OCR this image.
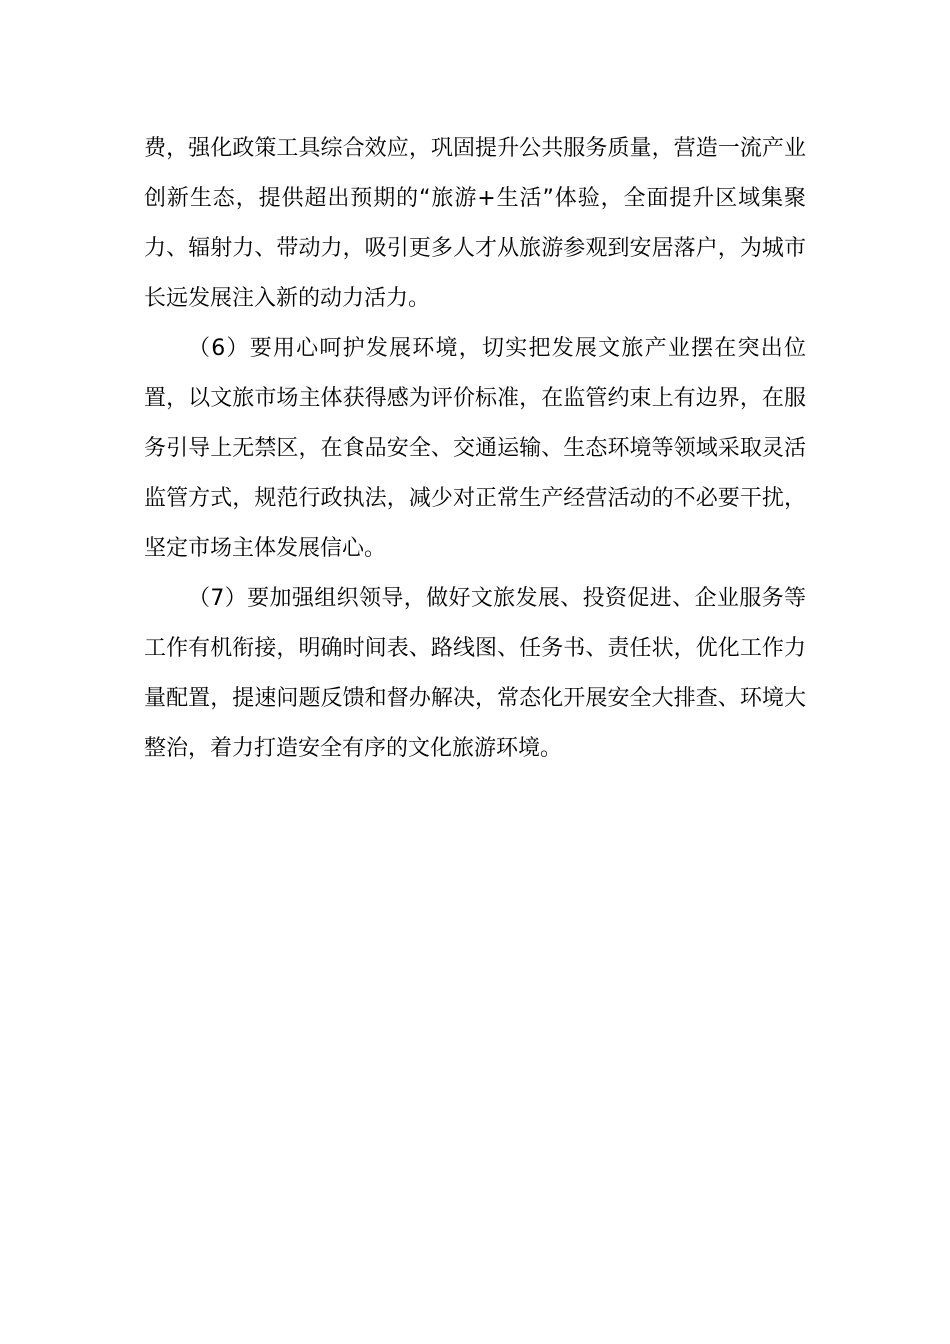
费，强化政策工具综合效应，巩固提升公共服务质量，营造一流产业创新生态，提供超出预期的“旅游+生活”体验，全面提升区域集聚力、辐射力、带动力，吸引更多人才从旅游参观到安居落户，为城市长远发展注入新的动力活力。

（6）要用心呵护发展环境，切实把发展文旅产业摆在突出位置，以文旅市场主体获得感为评价标准，在监管约束上有边界，在服务引导上无禁区，在食品安全、交通运输、生态环境等领域采取灵活监管方式，规范行政执法，减少对正常生产经营活动的不必要干扰，坚定市场主体发展信心。

（7）要加强组织领导，做好文旅发展、投资促进、企业服务等工作有机衔接，明确时间表、路线图、任务书、责任状，优化工作力量配置，提速问题反馈和督办解决，常态化开展安全大排查、环境大整治，着力打造安全有序的文化旅游环境。
